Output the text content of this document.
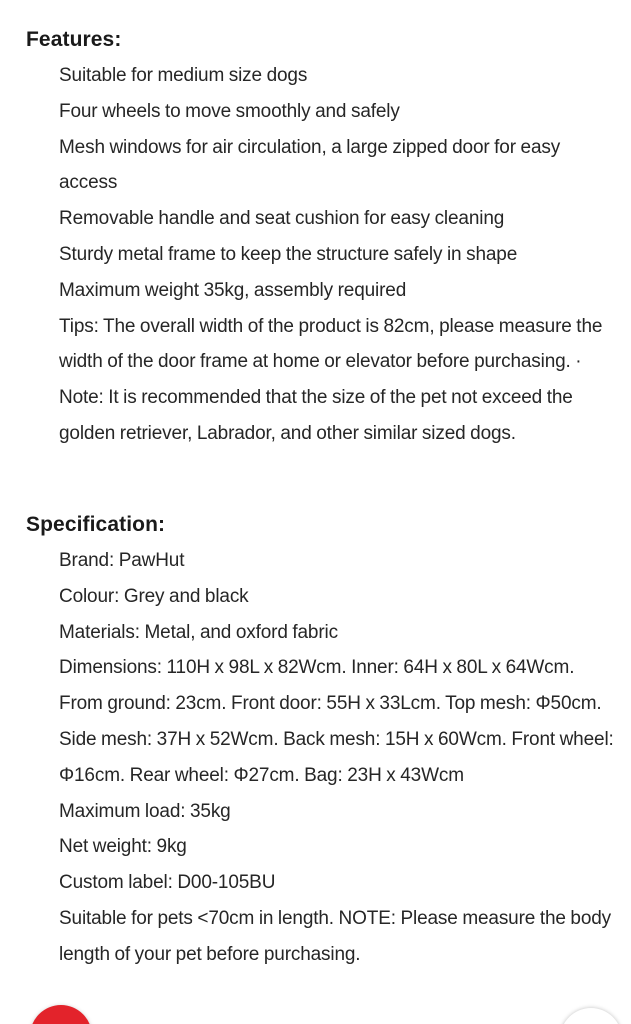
Features:
Suitable for medium size dogs
Four wheels to move smoothly and safely
Mesh windows for air circulation, a large zipped door for easy access
Removable handle and seat cushion for easy cleaning
Sturdy metal frame to keep the structure safely in shape
Maximum weight 35kg, assembly required
Tips: The overall width of the product is 82cm, please measure the width of the door frame at home or elevator before purchasing. · Note: It is recommended that the size of the pet not exceed the golden retriever, Labrador, and other similar sized dogs.
Specification:
Brand: PawHut
Colour: Grey and black
Materials: Metal, and oxford fabric
Dimensions: 110H x 98L x 82Wcm. Inner: 64H x 80L x 64Wcm. From ground: 23cm. Front door: 55H x 33Lcm. Top mesh: Φ50cm. Side mesh: 37H x 52Wcm. Back mesh: 15H x 60Wcm. Front wheel: Φ16cm. Rear wheel: Φ27cm. Bag: 23H x 43Wcm
Maximum load: 35kg
Net weight: 9kg
Custom label: D00-105BU
Suitable for pets <70cm in length. NOTE: Please measure the body length of your pet before purchasing.
